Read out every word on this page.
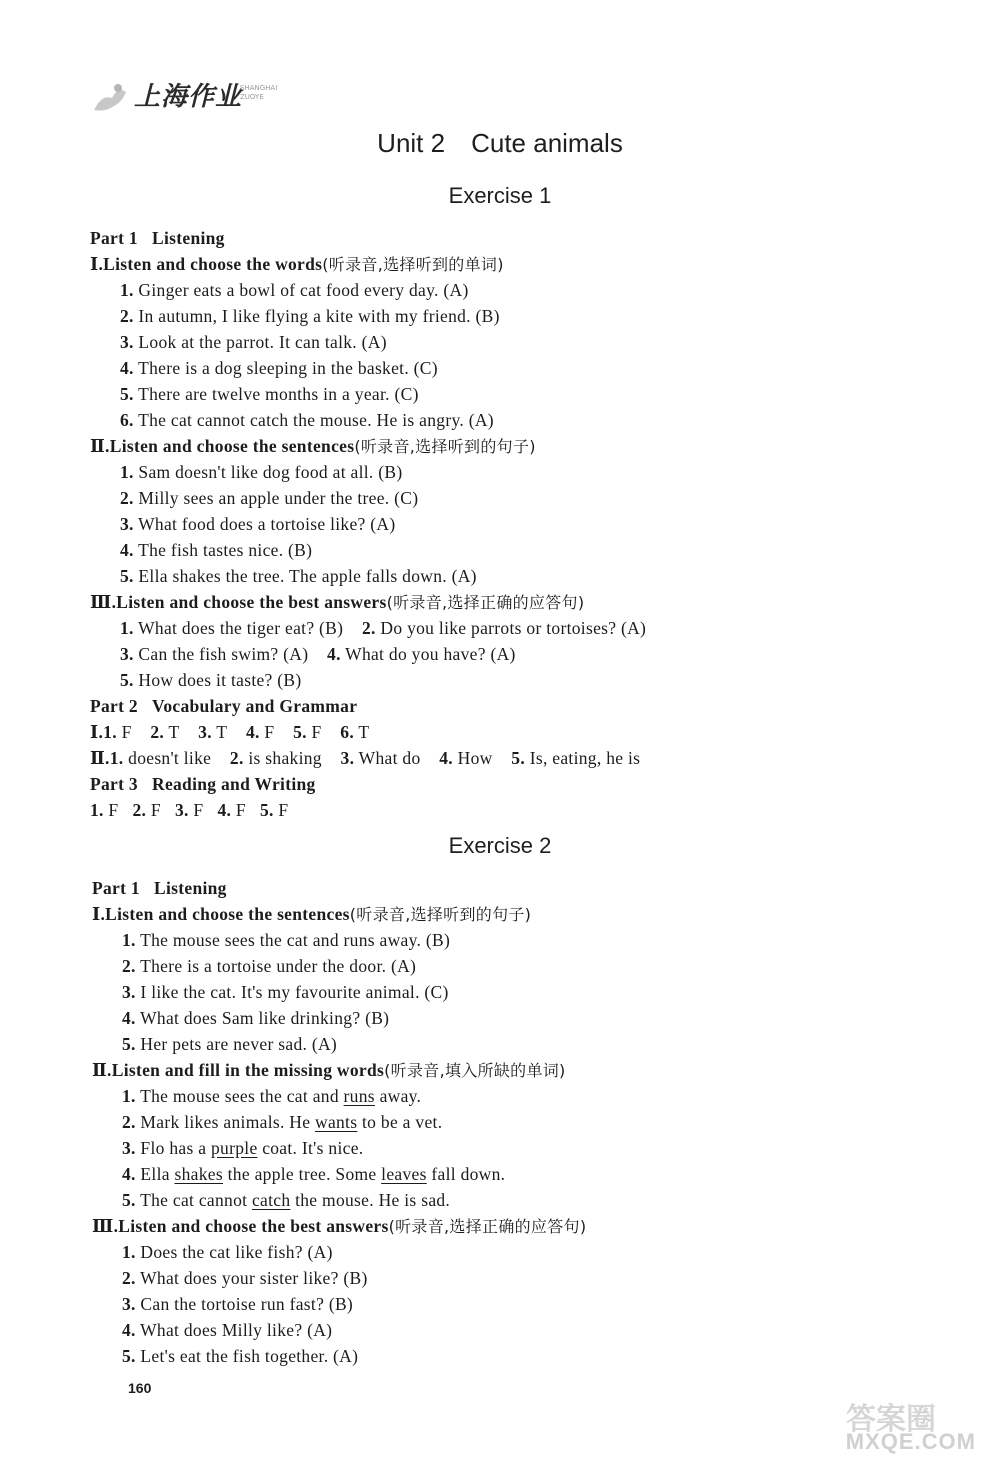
上海作业
SHANGHAI
ZUOYE
Unit 2 Cute animals
Exercise 1

Part 1 Listening

Ⅰ.Listen and choose the words(听录音,选择听到的单词)

1. Ginger eats a bowl of cat food every day. (A)

2. In autumn, I like flying a kite with my friend. (B)

3. Look at the parrot. It can talk. (A)

4. There is a dog sleeping in the basket. (C)

5. There are twelve months in a year. (C)

6. The cat cannot catch the mouse. He is angry. (A)

Ⅱ.Listen and choose the sentences(听录音,选择听到的句子)

1. Sam doesn't like dog food at all. (B)

2. Milly sees an apple under the tree. (C)

3. What food does a tortoise like? (A)

4. The fish tastes nice. (B)

5. Ella shakes the tree. The apple falls down. (A)

Ⅲ.Listen and choose the best answers(听录音,选择正确的应答句)

1. What does the tiger eat? (B) 2. Do you like parrots or tortoises? (A)

3. Can the fish swim? (A) 4. What do you have? (A)

5. How does it taste? (B)

Part 2 Vocabulary and Grammar

Ⅰ.1. F 2. T 3. T 4. F 5. F 6. T

Ⅱ.1. doesn't like 2. is shaking 3. What do 4. How 5. Is, eating, he is

Part 3 Reading and Writing

1. F 2. F 3. F 4. F 5. F

Exercise 2

Part 1 Listening

Ⅰ.Listen and choose the sentences(听录音,选择听到的句子)

1. The mouse sees the cat and runs away. (B)

2. There is a tortoise under the door. (A)

3. I like the cat. It's my favourite animal. (C)

4. What does Sam like drinking? (B)

5. Her pets are never sad. (A)

Ⅱ.Listen and fill in the missing words(听录音,填入所缺的单词)

1. The mouse sees the cat and runs away.

2. Mark likes animals. He wants to be a vet.

3. Flo has a purple coat. It's nice.

4. Ella shakes the apple tree. Some leaves fall down.

5. The cat cannot catch the mouse. He is sad.

Ⅲ.Listen and choose the best answers(听录音,选择正确的应答句)

1. Does the cat like fish? (A)

2. What does your sister like? (B)

3. Can the tortoise run fast? (B)

4. What does Milly like? (A)

5. Let's eat the fish together. (A)

160
答案圈
MXQE.COM
